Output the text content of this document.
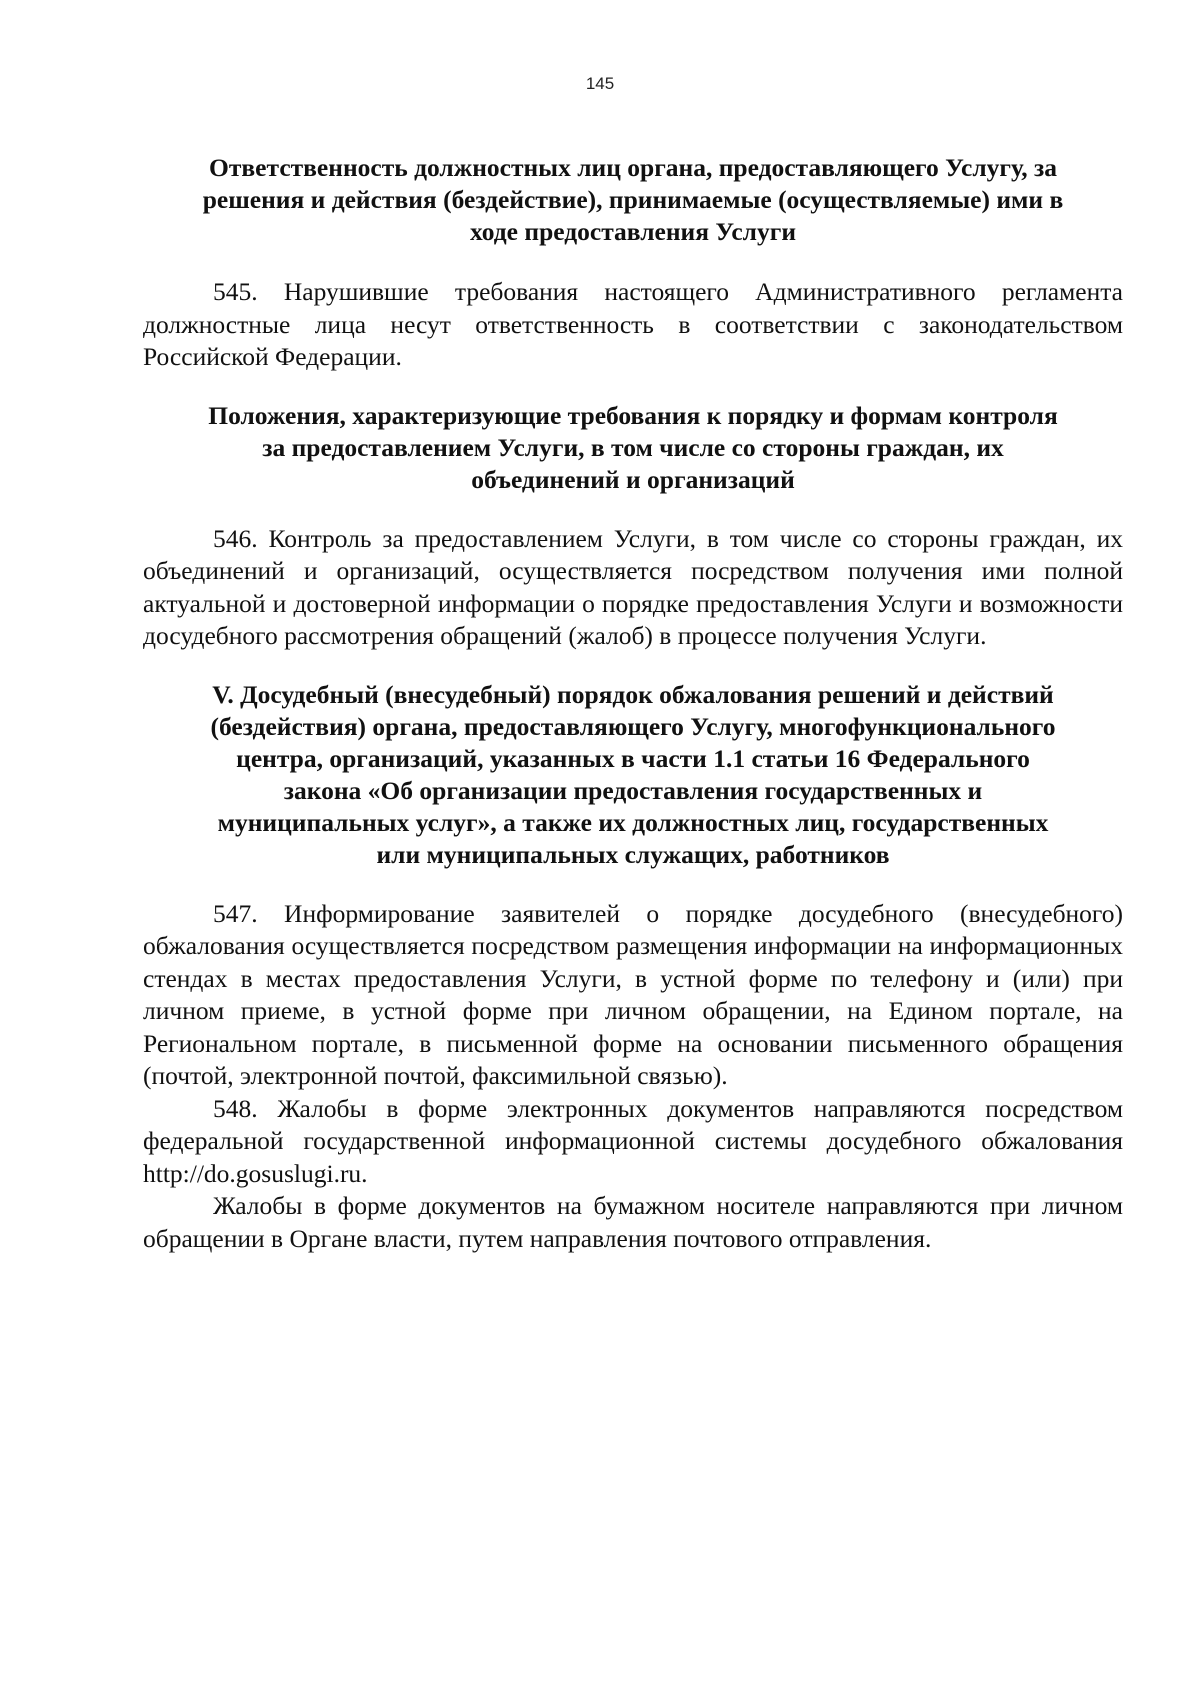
145
Ответственность должностных лиц органа, предоставляющего Услугу, за
решения и действия (бездействие), принимаемые (осуществляемые) ими в
ходе предоставления Услуги

545. Нарушившие требования настоящего Административного регламента должностные лица несут ответственность в соответствии с законодательством Российской Федерации.

Положения, характеризующие требования к порядку и формам контроля
за предоставлением Услуги, в том числе со стороны граждан, их
объединений и организаций

546. Контроль за предоставлением Услуги, в том числе со стороны граждан, их объединений и организаций, осуществляется посредством получения ими полной актуальной и достоверной информации о порядке предоставления Услуги и возможности досудебного рассмотрения обращений (жалоб) в процессе получения Услуги.

V. Досудебный (внесудебный) порядок обжалования решений и действий
(бездействия) органа, предоставляющего Услугу, многофункционального
центра, организаций, указанных в части 1.1 статьи 16 Федерального
закона «Об организации предоставления государственных и
муниципальных услуг», а также их должностных лиц, государственных
или муниципальных служащих, работников

547. Информирование заявителей о порядке досудебного (внесудебного) обжалования осуществляется посредством размещения информации на информационных стендах в местах предоставления Услуги, в устной форме по телефону и (или) при личном приеме, в устной форме при личном обращении, на Едином портале, на Региональном портале, в письменной форме на основании письменного обращения (почтой, электронной почтой, факсимильной связью).

548. Жалобы в форме электронных документов направляются посредством федеральной государственной информационной системы досудебного обжалования http://do.gosuslugi.ru.

Жалобы в форме документов на бумажном носителе направляются при личном обращении в Органе власти, путем направления почтового отправления.
